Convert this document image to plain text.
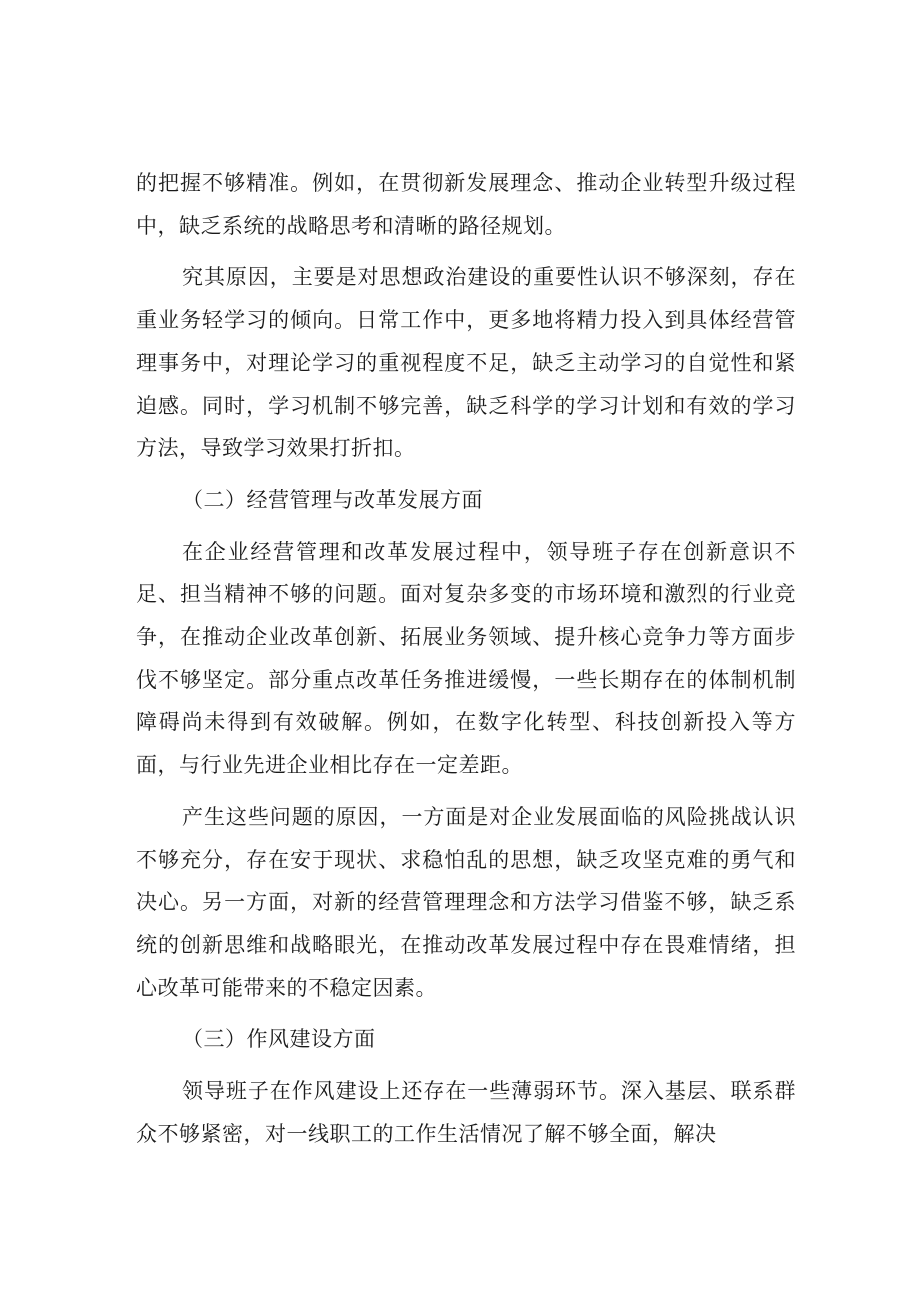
的把握不够精准。例如，在贯彻新发展理念、推动企业转型升级过程中，缺乏系统的战略思考和清晰的路径规划。

究其原因，主要是对思想政治建设的重要性认识不够深刻，存在重业务轻学习的倾向。日常工作中，更多地将精力投入到具体经营管理事务中，对理论学习的重视程度不足，缺乏主动学习的自觉性和紧迫感。同时，学习机制不够完善，缺乏科学的学习计划和有效的学习方法，导致学习效果打折扣。

（二）经营管理与改革发展方面

在企业经营管理和改革发展过程中，领导班子存在创新意识不足、担当精神不够的问题。面对复杂多变的市场环境和激烈的行业竞争，在推动企业改革创新、拓展业务领域、提升核心竞争力等方面步伐不够坚定。部分重点改革任务推进缓慢，一些长期存在的体制机制障碍尚未得到有效破解。例如，在数字化转型、科技创新投入等方面，与行业先进企业相比存在一定差距。

产生这些问题的原因，一方面是对企业发展面临的风险挑战认识不够充分，存在安于现状、求稳怕乱的思想，缺乏攻坚克难的勇气和决心。另一方面，对新的经营管理理念和方法学习借鉴不够，缺乏系统的创新思维和战略眼光，在推动改革发展过程中存在畏难情绪，担心改革可能带来的不稳定因素。

（三）作风建设方面

领导班子在作风建设上还存在一些薄弱环节。深入基层、联系群众不够紧密，对一线职工的工作生活情况了解不够全面，解决
